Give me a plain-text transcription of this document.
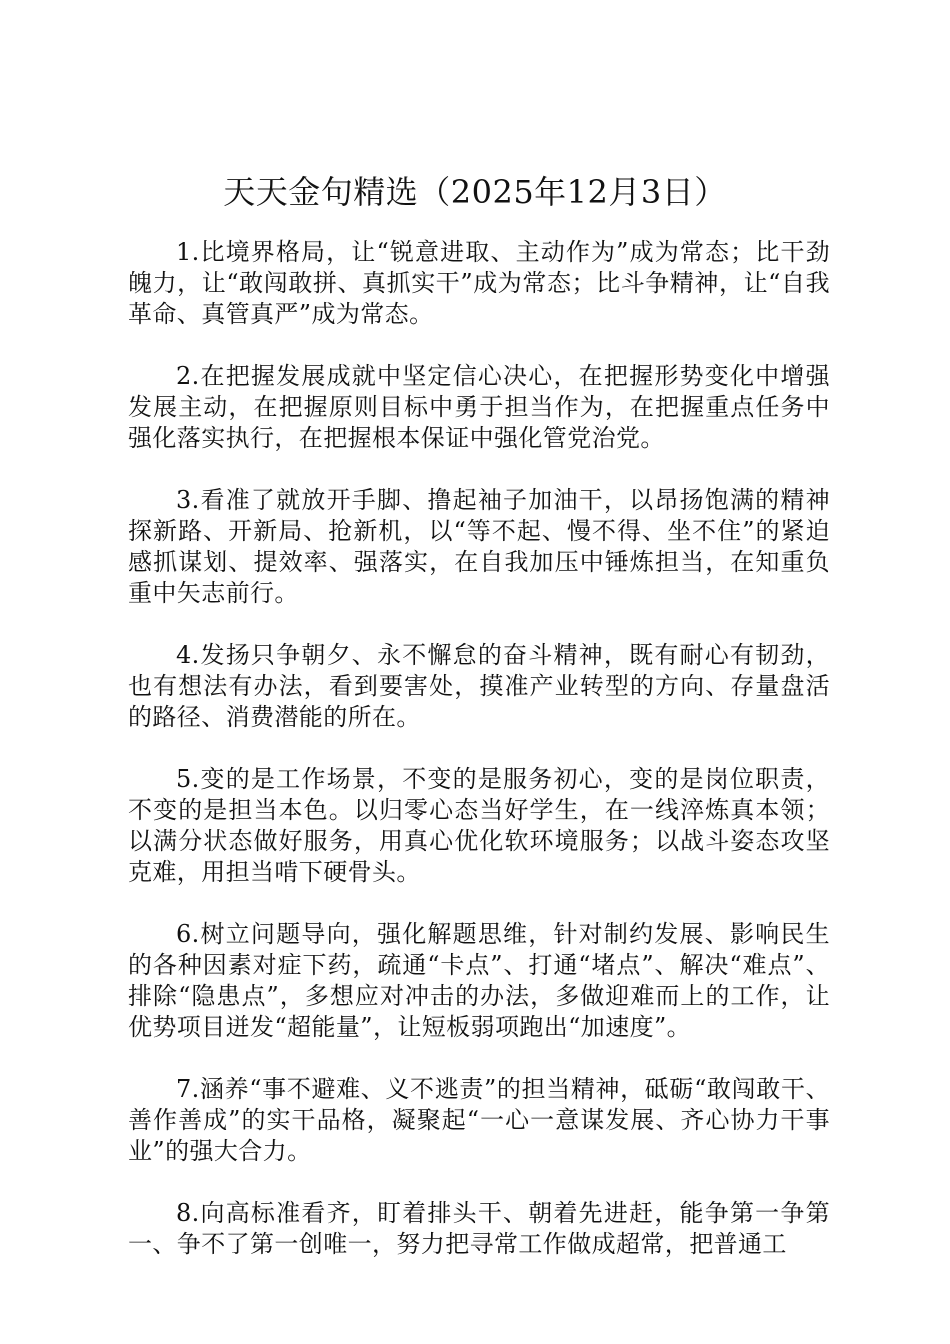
天天金句精选（2025年12月3日）

1.比境界格局，让“锐意进取、主动作为”成为常态；比干劲魄力，让“敢闯敢拼、真抓实干”成为常态；比斗争精神，让“自我革命、真管真严”成为常态。

2.在把握发展成就中坚定信心决心，在把握形势变化中增强发展主动，在把握原则目标中勇于担当作为，在把握重点任务中强化落实执行，在把握根本保证中强化管党治党。

3.看准了就放开手脚、撸起袖子加油干，以昂扬饱满的精神探新路、开新局、抢新机，以“等不起、慢不得、坐不住”的紧迫感抓谋划、提效率、强落实，在自我加压中锤炼担当，在知重负重中矢志前行。

4.发扬只争朝夕、永不懈怠的奋斗精神，既有耐心有韧劲，也有想法有办法，看到要害处，摸准产业转型的方向、存量盘活的路径、消费潜能的所在。

5.变的是工作场景，不变的是服务初心，变的是岗位职责，不变的是担当本色。以归零心态当好学生，在一线淬炼真本领；以满分状态做好服务，用真心优化软环境服务；以战斗姿态攻坚克难，用担当啃下硬骨头。

6.树立问题导向，强化解题思维，针对制约发展、影响民生的各种因素对症下药，疏通“卡点”、打通“堵点”、解决“难点”、排除“隐患点”，多想应对冲击的办法，多做迎难而上的工作，让优势项目迸发“超能量”，让短板弱项跑出“加速度”。

7.涵养“事不避难、义不逃责”的担当精神，砥砺“敢闯敢干、善作善成”的实干品格，凝聚起“一心一意谋发展、齐心协力干事业”的强大合力。

8.向高标准看齐，盯着排头干、朝着先进赶，能争第一争第一、争不了第一创唯一，努力把寻常工作做成超常，把普通工
